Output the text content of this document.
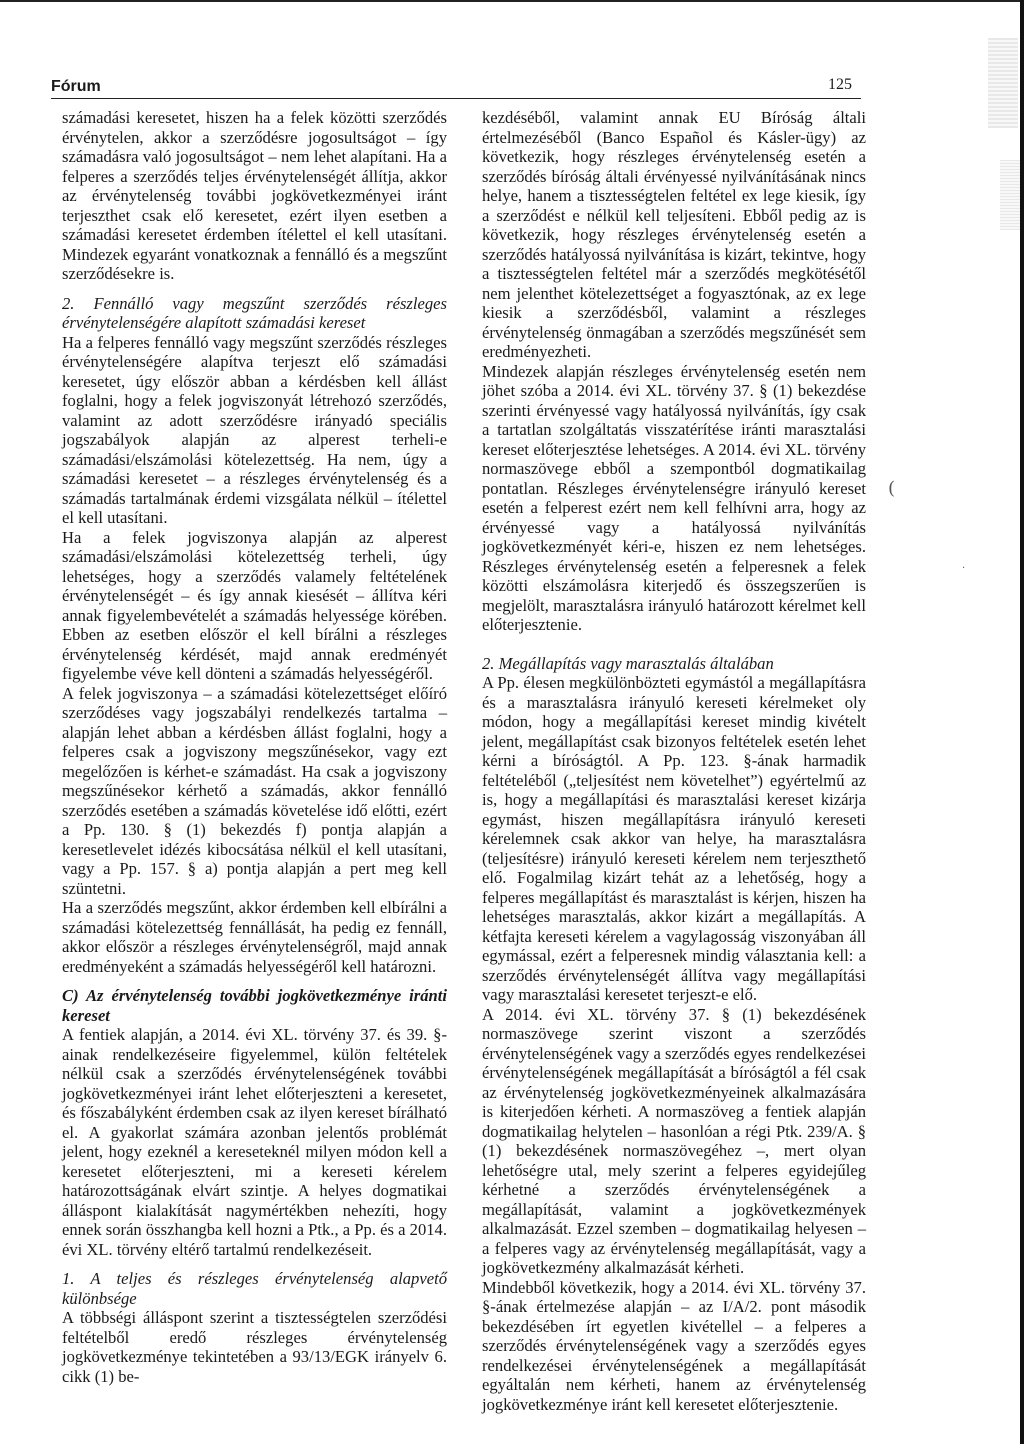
(
.
Fórum	125

számadási keresetet, hiszen ha a felek közötti szerződés érvénytelen, akkor a szerződésre jogosultságot – így számadásra való jogosultságot – nem lehet alapítani. Ha a felperes a szerződés teljes érvénytelenségét állítja, akkor az érvénytelenség további jogkövetkezményei iránt terjeszthet csak elő keresetet, ezért ilyen esetben a számadási keresetet érdemben ítélettel el kell utasítani. Mindezek egyaránt vonatkoznak a fennálló és a megszűnt szerződésekre is.

2. Fennálló vagy megszűnt szerződés részleges érvénytelenségére alapított számadási kereset

Ha a felperes fennálló vagy megszűnt szerződés részleges érvénytelenségére alapítva terjeszt elő számadási keresetet, úgy először abban a kérdésben kell állást foglalni, hogy a felek jogviszonyát létrehozó szerződés, valamint az adott szerződésre irányadó speciális jogszabályok alapján az alperest terheli-e számadási/elszámolási kötelezettség. Ha nem, úgy a számadási keresetet – a részleges érvénytelenség és a számadás tartalmának érdemi vizsgálata nélkül – ítélettel el kell utasítani.

Ha a felek jogviszonya alapján az alperest számadási/elszámolási kötelezettség terheli, úgy lehetséges, hogy a szerződés valamely feltételének érvénytelenségét – és így annak kiesését – állítva kéri annak figyelembevételét a számadás helyessége körében. Ebben az esetben először el kell bírálni a részleges érvénytelenség kérdését, majd annak eredményét figyelembe véve kell dönteni a számadás helyességéről.

A felek jogviszonya – a számadási kötelezettséget előíró szerződéses vagy jogszabályi rendelkezés tartalma – alapján lehet abban a kérdésben állást foglalni, hogy a felperes csak a jogviszony megszűnésekor, vagy ezt megelőzően is kérhet-e számadást. Ha csak a jogviszony megszűnésekor kérhető a számadás, akkor fennálló szerződés esetében a számadás követelése idő előtti, ezért a Pp. 130. § (1) bekezdés f) pontja alapján a keresetlevelet idézés kibocsátása nélkül el kell utasítani, vagy a Pp. 157. § a) pontja alapján a pert meg kell szüntetni.

Ha a szerződés megszűnt, akkor érdemben kell elbírálni a számadási kötelezettség fennállását, ha pedig ez fennáll, akkor először a részleges érvénytelenségről, majd annak eredményeként a számadás helyességéről kell határozni.

C) Az érvénytelenség további jogkövetkezménye iránti kereset

A fentiek alapján, a 2014. évi XL. törvény 37. és 39. §-ainak rendelkezéseire figyelemmel, külön feltételek nélkül csak a szerződés érvénytelenségének további jogkövetkezményei iránt lehet előterjeszteni a keresetet, és főszabályként érdemben csak az ilyen kereset bírálható el. A gyakorlat számára azonban jelentős problémát jelent, hogy ezeknél a kereseteknél milyen módon kell a keresetet előterjeszteni, mi a kereseti kérelem határozottságának elvárt szintje. A helyes dogmatikai álláspont kialakítását nagymértékben nehezíti, hogy ennek során összhangba kell hozni a Ptk., a Pp. és a 2014. évi XL. törvény eltérő tartalmú rendelkezéseit.

1. A teljes és részleges érvénytelenség alapvető különbsége

A többségi álláspont szerint a tisztességtelen szerződési feltételből eredő részleges érvénytelenség jogkövetkezménye tekintetében a 93/13/EGK irányelv 6. cikk (1) be-

kezdéséből, valamint annak EU Bíróság általi értelmezéséből (Banco Español és Kásler-ügy) az következik, hogy részleges érvénytelenség esetén a szerződés bíróság általi érvényessé nyilvánításának nincs helye, hanem a tisztességtelen feltétel ex lege kiesik, így a szerződést e nélkül kell teljesíteni. Ebből pedig az is következik, hogy részleges érvénytelenség esetén a szerződés hatályossá nyilvánítása is kizárt, tekintve, hogy a tisztességtelen feltétel már a szerződés megkötésétől nem jelenthet kötelezettséget a fogyasztónak, az ex lege kiesik a szerződésből, valamint a részleges érvénytelenség önmagában a szerződés megszűnését sem eredményezheti.

Mindezek alapján részleges érvénytelenség esetén nem jöhet szóba a 2014. évi XL. törvény 37. § (1) bekezdése szerinti érvényessé vagy hatályossá nyilvánítás, így csak a tartatlan szolgáltatás visszatérítése iránti marasztalási kereset előterjesztése lehetséges. A 2014. évi XL. törvény normaszövege ebből a szempontból dogmatikailag pontatlan. Részleges érvénytelenségre irányuló kereset esetén a felperest ezért nem kell felhívni arra, hogy az érvényessé vagy a hatályossá nyilvánítás jogkövetkezményét kéri-e, hiszen ez nem lehetséges. Részleges érvénytelenség esetén a felperesnek a felek közötti elszámolásra kiterjedő és összegszerűen is megjelölt, marasztalásra irányuló határozott kérelmet kell előterjesztenie.

2. Megállapítás vagy marasztalás általában

A Pp. élesen megkülönbözteti egymástól a megállapításra és a marasztalásra irányuló kereseti kérelmeket oly módon, hogy a megállapítási kereset mindig kivételt jelent, megállapítást csak bizonyos feltételek esetén lehet kérni a bíróságtól. A Pp. 123. §-ának harmadik feltételéből („teljesítést nem követelhet”) egyértelmű az is, hogy a megállapítási és marasztalási kereset kizárja egymást, hiszen megállapításra irányuló kereseti kérelemnek csak akkor van helye, ha marasztalásra (teljesítésre) irányuló kereseti kérelem nem terjeszthető elő. Fogalmilag kizárt tehát az a lehetőség, hogy a felperes megállapítást és marasztalást is kérjen, hiszen ha lehetséges marasztalás, akkor kizárt a megállapítás. A kétfajta kereseti kérelem a vagylagosság viszonyában áll egymással, ezért a felperesnek mindig választania kell: a szerződés érvénytelenségét állítva vagy megállapítási vagy marasztalási keresetet terjeszt-e elő.

A 2014. évi XL. törvény 37. § (1) bekezdésének normaszövege szerint viszont a szerződés érvénytelenségének vagy a szerződés egyes rendelkezései érvénytelenségének megállapítását a bíróságtól a fél csak az érvénytelenség jogkövetkezményeinek alkalmazására is kiterjedően kérheti. A normaszöveg a fentiek alapján dogmatikailag helytelen – hasonlóan a régi Ptk. 239/A. § (1) bekezdésének normaszövegéhez –, mert olyan lehetőségre utal, mely szerint a felperes egyidejűleg kérhetné a szerződés érvénytelenségének a megállapítását, valamint a jogkövetkezmények alkalmazását. Ezzel szemben – dogmatikailag helyesen – a felperes vagy az érvénytelenség megállapítását, vagy a jogkövetkezmény alkalmazását kérheti.

Mindebből következik, hogy a 2014. évi XL. törvény 37. §-ának értelmezése alapján – az I/A/2. pont második bekezdésében írt egyetlen kivétellel – a felperes a szerződés érvénytelenségének vagy a szerződés egyes rendelkezései érvénytelenségének a megállapítását egyáltalán nem kérheti, hanem az érvénytelenség jogkövetkezménye iránt kell keresetet előterjesztenie.
